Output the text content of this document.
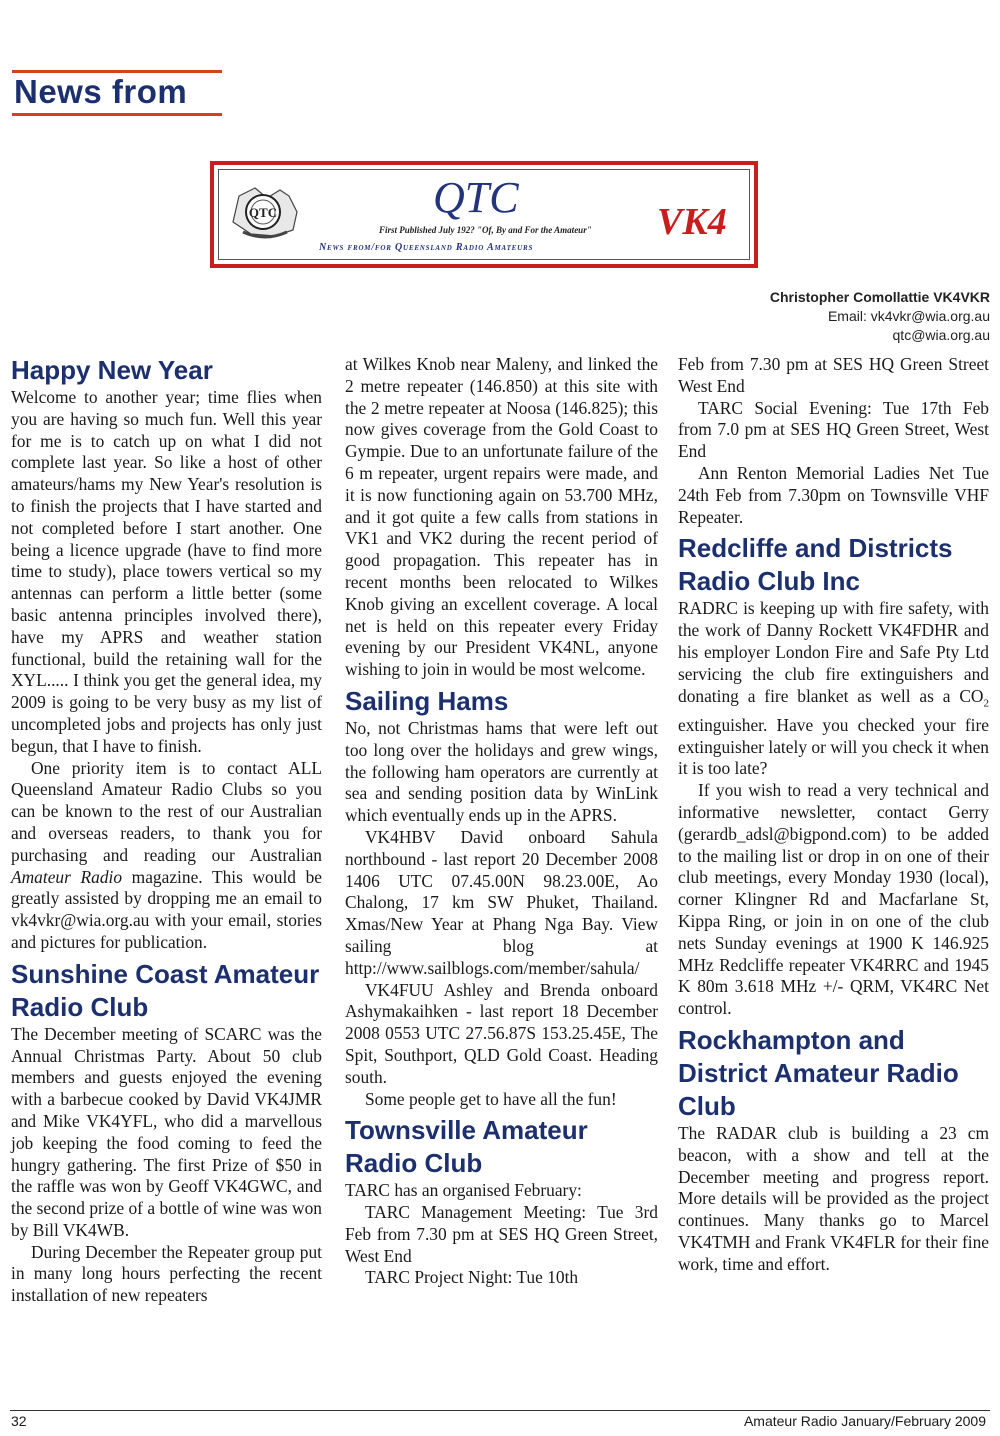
News from
QTC	QTC
First Published July 192? "Of, By and For the Amateur"
News from/for Queensland Radio Amateurs
VK4
Christopher Comollattie VK4VKR
Email: vk4vkr@wia.org.au
qtc@wia.org.au
Happy New Year

Welcome to another year; time flies when you are having so much fun. Well this year for me is to catch up on what I did not complete last year. So like a host of other amateurs/hams my New Year's resolution is to finish the projects that I have started and not completed before I start another. One being a licence upgrade (have to find more time to study), place towers vertical so my antennas can perform a little better (some basic antenna principles involved there), have my APRS and weather station functional, build the retaining wall for the XYL..... I think you get the general idea, my 2009 is going to be very busy as my list of uncompleted jobs and projects has only just begun, that I have to finish.

One priority item is to contact ALL Queensland Amateur Radio Clubs so you can be known to the rest of our Australian and overseas readers, to thank you for purchasing and reading our Australian Amateur Radio magazine. This would be greatly assisted by dropping me an email to vk4vkr@wia.org.au with your email, stories and pictures for publication.

Sunshine Coast Amateur Radio Club

The December meeting of SCARC was the Annual Christmas Party. About 50 club members and guests enjoyed the evening with a barbecue cooked by David VK4JMR and Mike VK4YFL, who did a marvellous job keeping the food coming to feed the hungry gathering. The first Prize of $50 in the raffle was won by Geoff VK4GWC, and the second prize of a bottle of wine was won by Bill VK4WB.

During December the Repeater group put in many long hours perfecting the recent installation of new repeaters

at Wilkes Knob near Maleny, and linked the 2 metre repeater (146.850) at this site with the 2 metre repeater at Noosa (146.825); this now gives coverage from the Gold Coast to Gympie. Due to an unfortunate failure of the 6 m repeater, urgent repairs were made, and it is now functioning again on 53.700 MHz, and it got quite a few calls from stations in VK1 and VK2 during the recent period of good propagation. This repeater has in recent months been relocated to Wilkes Knob giving an excellent coverage. A local net is held on this repeater every Friday evening by our President VK4NL, anyone wishing to join in would be most welcome.

Sailing Hams

No, not Christmas hams that were left out too long over the holidays and grew wings, the following ham operators are currently at sea and sending position data by WinLink which eventually ends up in the APRS.

VK4HBV David onboard Sahula northbound - last report 20 December 2008 1406 UTC 07.45.00N 98.23.00E, Ao Chalong, 17 km SW Phuket, Thailand. Xmas/New Year at Phang Nga Bay. View sailing blog at http://www.sailblogs.com/member/sahula/

VK4FUU Ashley and Brenda onboard Ashymakaihken - last report 18 December 2008 0553 UTC 27.56.87S 153.25.45E, The Spit, Southport, QLD Gold Coast. Heading south.

Some people get to have all the fun!

Townsville Amateur Radio Club

TARC has an organised February:

TARC Management Meeting: Tue 3rd Feb from 7.30 pm at SES HQ Green Street, West End

TARC Project Night: Tue 10th

Feb from 7.30 pm at SES HQ Green Street West End

TARC Social Evening: Tue 17th Feb from 7.0 pm at SES HQ Green Street, West End

Ann Renton Memorial Ladies Net Tue 24th Feb from 7.30pm on Townsville VHF Repeater.

Redcliffe and Districts Radio Club Inc

RADRC is keeping up with fire safety, with the work of Danny Rockett VK4FDHR and his employer London Fire and Safe Pty Ltd servicing the club fire extinguishers and donating a fire blanket as well as a $CO_2$ extinguisher. Have you checked your fire extinguisher lately or will you check it when it is too late?

If you wish to read a very technical and informative newsletter, contact Gerry (gerardb_adsl@bigpond.com) to be added to the mailing list or drop in on one of their club meetings, every Monday 1930 (local), corner Klingner Rd and Macfarlane St, Kippa Ring, or join in on one of the club nets Sunday evenings at 1900 K 146.925 MHz Redcliffe repeater VK4RRC and 1945 K 80m 3.618 MHz +/- QRM, VK4RC Net control.

Rockhampton and District Amateur Radio Club

The RADAR club is building a 23 cm beacon, with a show and tell at the December meeting and progress report. More details will be provided as the project continues. Many thanks go to Marcel VK4TMH and Frank VK4FLR for their fine work, time and effort.

32	Amateur Radio January/February 2009
